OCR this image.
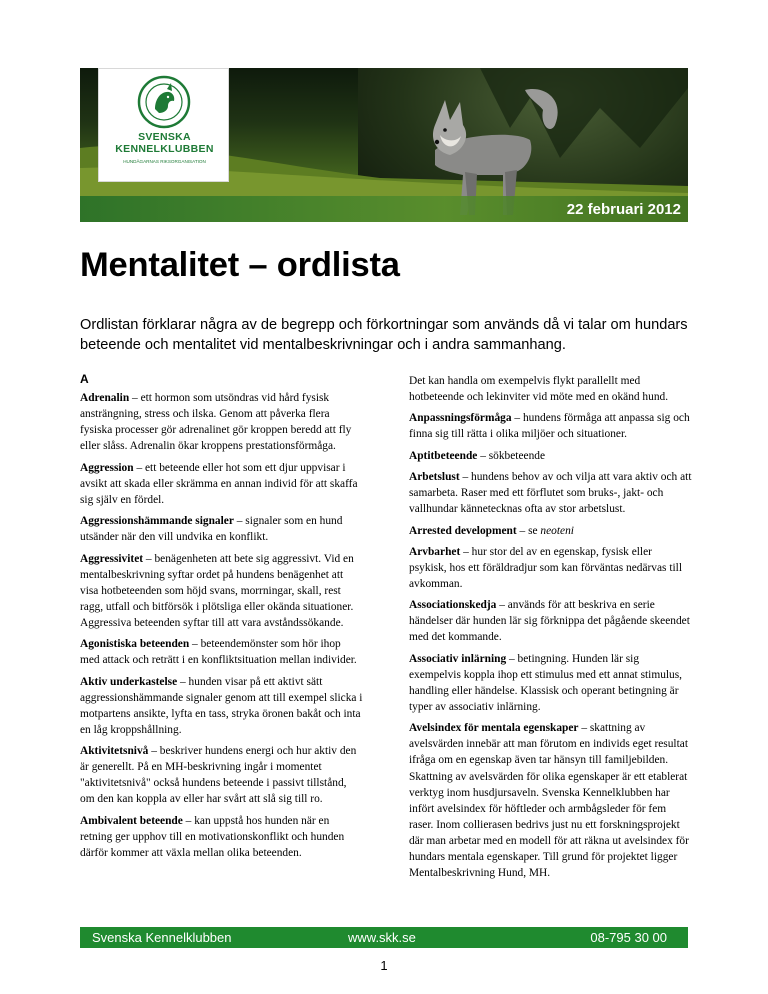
SVENSKA
KENNELKLUBBEN
HUNDÄGARNAS RIKSORGANISATION
www.skk.se	22 februari 2012
Mentalitet – ordlista

Ordlistan förklarar några av de begrepp och förkortningar som används då vi talar om hundars beteende och mentalitet vid mentalbeskrivningar och i andra sammanhang.

A

Adrenalin – ett hormon som utsöndras vid hård fysisk ansträngning, stress och ilska. Genom att påverka flera fysiska processer gör adrenalinet gör kroppen beredd att fly eller slåss. Adrenalin ökar kroppens prestationsförmåga.

Aggression – ett beteende eller hot som ett djur uppvisar i avsikt att skada eller skrämma en annan individ för att skaffa sig själv en fördel.

Aggressionshämmande signaler – signaler som en hund utsänder när den vill undvika en konflikt.

Aggressivitet – benägenheten att bete sig aggressivt. Vid en mentalbeskrivning syftar ordet på hundens benägenhet att visa hotbeteenden som höjd svans, morrningar, skall, rest ragg, utfall och bitförsök i plötsliga eller okända situationer. Aggressiva beteenden syftar till att vara avståndssökande.

Agonistiska beteenden – beteendemönster som hör ihop med attack och reträtt i en konfliktsituation mellan individer.

Aktiv underkastelse – hunden visar på ett aktivt sätt aggressionshämmande signaler genom att till exempel slicka i motpartens ansikte, lyfta en tass, stryka öronen bakåt och inta en låg kroppshållning.

Aktivitetsnivå – beskriver hundens energi och hur aktiv den är generellt. På en MH-beskrivning ingår i momentet "aktivitetsnivå" också hundens beteende i passivt tillstånd, om den kan koppla av eller har svårt att slå sig till ro.

Ambivalent beteende – kan uppstå hos hunden när en retning ger upphov till en motivationskonflikt och hunden därför kommer att växla mellan olika beteenden.

Det kan handla om exempelvis flykt parallellt med hotbeteende och lekinviter vid möte med en okänd hund.

Anpassningsförmåga – hundens förmåga att anpassa sig och finna sig till rätta i olika miljöer och situationer.

Aptitbeteende – sökbeteende

Arbetslust – hundens behov av och vilja att vara aktiv och att samarbeta. Raser med ett förflutet som bruks-, jakt- och vallhundar kännetecknas ofta av stor arbetslust.

Arrested development – se neoteni

Arvbarhet – hur stor del av en egenskap, fysisk eller psykisk, hos ett föräldradjur som kan förväntas nedärvas till avkomman.

Associationskedja – används för att beskriva en serie händelser där hunden lär sig förknippa det pågående skeendet med det kommande.

Associativ inlärning – betingning. Hunden lär sig exempelvis koppla ihop ett stimulus med ett annat stimulus, handling eller händelse. Klassisk och operant betingning är typer av associativ inlärning.

Avelsindex för mentala egenskaper – skattning av avelsvärden innebär att man förutom en individs eget resultat ifråga om en egenskap även tar hänsyn till familjebilden. Skattning av avelsvärden för olika egenskaper är ett etablerat verktyg inom husdjursaveln. Svenska Kennelklubben har infört avelsindex för höftleder och armbågsleder för fem raser. Inom collierasen bedrivs just nu ett forskningsprojekt där man arbetar med en modell för att räkna ut avelsindex för hundars mentala egenskaper. Till grund för projektet ligger Mentalbeskrivning Hund, MH.

Svenska Kennelklubben	www.skk.se	08-795 30 00
1
